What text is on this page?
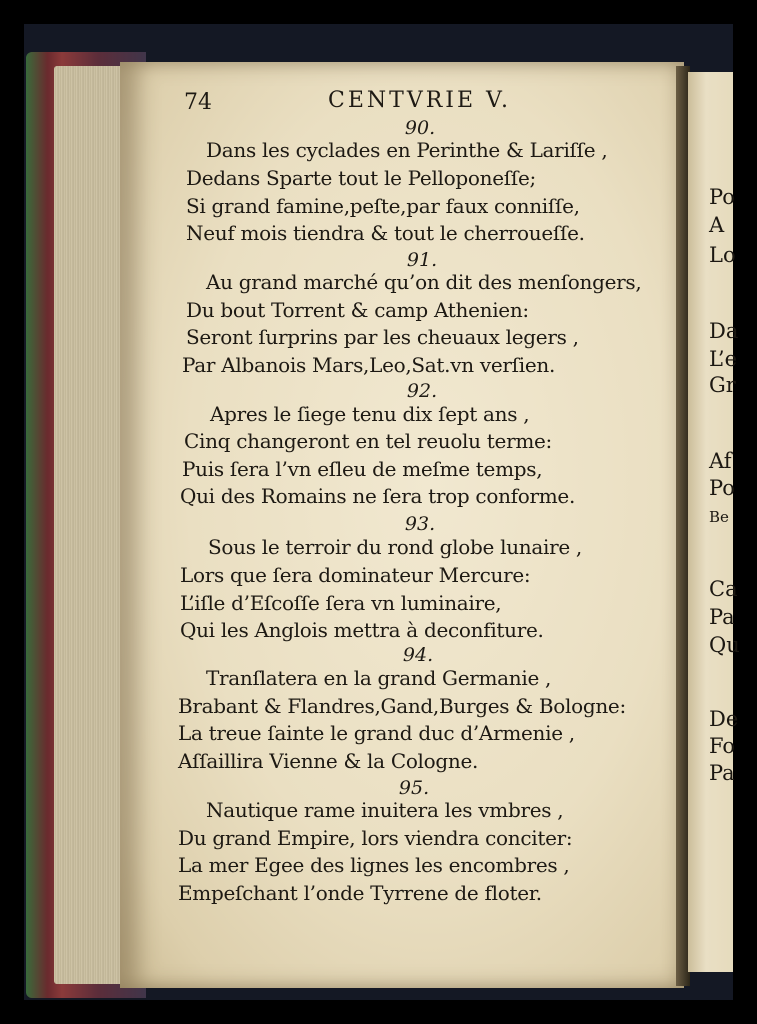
Po
A
Lo
Da
L’e
Gr
Af
Po
Be
Ca
Pa
Qu
De
Fo
Pa
74	CENTVRIE V.
90.
Dans les cyclades en Perinthe & Lariſſe ,
Dedans Sparte tout le Pelloponeſſe;
Si grand famine,peſte,par faux conniſſe,
Neuf mois tiendra & tout le cherroueſſe.
91.
Au grand marché qu’on dit des menſongers,
Du bout Torrent & camp Athenien:
Seront ſurprins par les cheuaux legers ,
Par Albanois Mars,Leo,Sat.vn verſien.
92.
Apres le ſiege tenu dix ſept ans ,
Cinq changeront en tel reuolu terme:
Puis ſera l’vn eſleu de meſme temps,
Qui des Romains ne ſera trop conforme.
93.
Sous le terroir du rond globe lunaire ,
Lors que ſera dominateur Mercure:
L’iſle d’Eſcoſſe ſera vn luminaire,
Qui les Anglois mettra à deconfiture.
94.
Tranſlatera en la grand Germanie ,
Brabant & Flandres,Gand,Burges & Bologne:
La treue ſainte le grand duc d’Armenie ,
Aſſaillira Vienne & la Cologne.
95.
Nautique rame inuitera les vmbres ,
Du grand Empire, lors viendra conciter:
La mer Egee des lignes les encombres ,
Empeſchant l’onde Tyrrene de floter.
